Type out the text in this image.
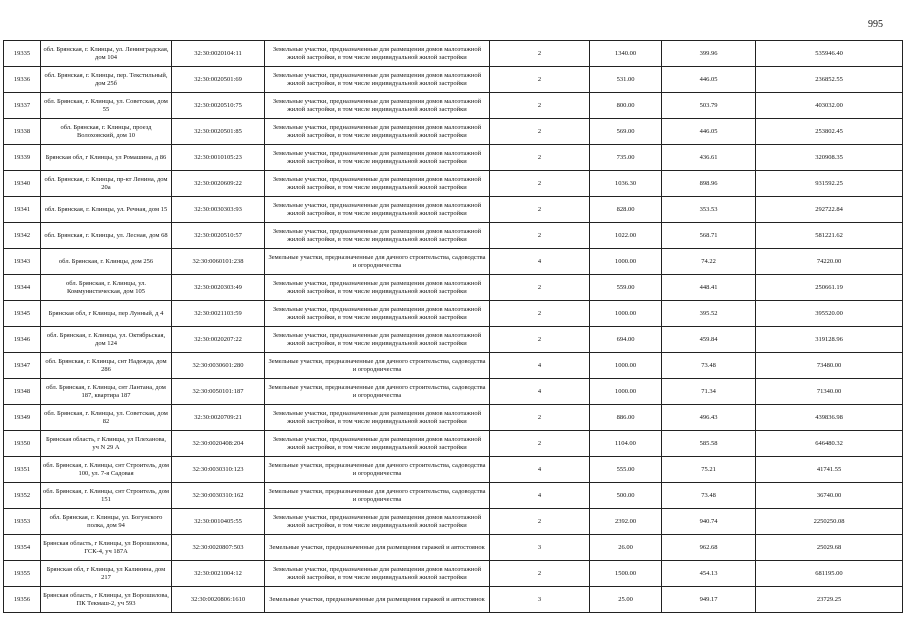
995
19335	обл. Брянская, г. Клинцы, ул. Ленинградская, дом 104	32:30:0020104:11	Земельные участки, предназначенные для размещения домов малоэтажной жилой застройки, в том числе индивидуальной жилой застройки	2	1340.00	399.96	535946.40
19336	обл. Брянская, г. Клинцы, пер. Текстильный, дом 25б	32:30:0020501:69	Земельные участки, предназначенные для размещения домов малоэтажной жилой застройки, в том числе индивидуальной жилой застройки	2	531.00	446.05	236852.55
19337	обл. Брянская, г. Клинцы, ул. Советская, дом 55	32:30:0020510:75	Земельные участки, предназначенные для размещения домов малоэтажной жилой застройки, в том числе индивидуальной жилой застройки	2	800.00	503.79	403032.00
19338	обл. Брянская, г. Клинцы, проезд Волоховский, дом 10	32:30:0020501:85	Земельные участки, предназначенные для размещения домов малоэтажной жилой застройки, в том числе индивидуальной жилой застройки	2	569.00	446.05	253802.45
19339	Брянская обл, г Клинцы, ул Ромашина, д 86	32:30:0010105:23	Земельные участки, предназначенные для размещения домов малоэтажной жилой застройки, в том числе индивидуальной жилой застройки	2	735.00	436.61	320908.35
19340	обл. Брянская, г. Клинцы, пр-кт Ленина, дом 20а	32:30:0020609:22	Земельные участки, предназначенные для размещения домов малоэтажной жилой застройки, в том числе индивидуальной жилой застройки	2	1036.30	898.96	931592.25
19341	обл. Брянская, г. Клинцы, ул. Речная, дом 15	32:30:0030303:93	Земельные участки, предназначенные для размещения домов малоэтажной жилой застройки, в том числе индивидуальной жилой застройки	2	828.00	353.53	292722.84
19342	обл. Брянская, г. Клинцы, ул. Лесная, дом 68	32:30:0020510:57	Земельные участки, предназначенные для размещения домов малоэтажной жилой застройки, в том числе индивидуальной жилой застройки	2	1022.00	568.71	581221.62
19343	обл. Брянская, г. Клинцы, дом 256	32:30:0060101:238	Земельные участки, предназначенные для дачного строительства, садоводства и огородничества	4	1000.00	74.22	74220.00
19344	обл. Брянская, г. Клинцы, ул. Коммунистическая, дом 105	32:30:0020303:49	Земельные участки, предназначенные для размещения домов малоэтажной жилой застройки, в том числе индивидуальной жилой застройки	2	559.00	448.41	250661.19
19345	Брянская обл, г Клинцы, пер Лунный, д 4	32:30:0021103:59	Земельные участки, предназначенные для размещения домов малоэтажной жилой застройки, в том числе индивидуальной жилой застройки	2	1000.00	395.52	395520.00
19346	обл. Брянская, г. Клинцы, ул. Октябрьская, дом 124	32:30:0020207:22	Земельные участки, предназначенные для размещения домов малоэтажной жилой застройки, в том числе индивидуальной жилой застройки	2	694.00	459.84	319128.96
19347	обл. Брянская, г. Клинцы, снт Надежда, дом 286	32:30:0030601:280	Земельные участки, предназначенные для дачного строительства, садоводства и огородничества	4	1000.00	73.48	73480.00
19348	обл. Брянская, г. Клинцы, снт Лантана, дом 187, квартира 187	32:30:0050101:187	Земельные участки, предназначенные для дачного строительства, садоводства и огородничества	4	1000.00	71.34	71340.00
19349	обл. Брянская, г. Клинцы, ул. Советская, дом 82	32:30:0020709:21	Земельные участки, предназначенные для размещения домов малоэтажной жилой застройки, в том числе индивидуальной жилой застройки	2	886.00	496.43	439836.98
19350	Брянская область, г Клинцы, ул Плеханова, уч N 29 А	32:30:0020408:204	Земельные участки, предназначенные для размещения домов малоэтажной жилой застройки, в том числе индивидуальной жилой застройки	2	1104.00	585.58	646480.32
19351	обл. Брянская, г. Клинцы, снт Строитель, дом 100, ул. 7-я Садовая	32:30:0030310:123	Земельные участки, предназначенные для дачного строительства, садоводства и огородничества	4	555.00	75.21	41741.55
19352	обл. Брянская, г. Клинцы, снт Строитель, дом 151	32:30:0030310:162	Земельные участки, предназначенные для дачного строительства, садоводства и огородничества	4	500.00	73.48	36740.00
19353	обл. Брянская, г. Клинцы, ул. Богунского полка, дом 94	32:30:0010405:55	Земельные участки, предназначенные для размещения домов малоэтажной жилой застройки, в том числе индивидуальной жилой застройки	2	2392.00	940.74	2250250.08
19354	Брянская область, г Клинцы, ул Ворошилова, ГСК-4, уч 187А	32:30:0020807:503	Земельные участки, предназначенные для размещения гаражей и автостоянок	3	26.00	962.68	25029.68
19355	Брянская обл, г Клинцы, ул Калинина, дом 217	32:30:0021004:12	Земельные участки, предназначенные для размещения домов малоэтажной жилой застройки, в том числе индивидуальной жилой застройки	2	1500.00	454.13	681195.00
19356	Брянская область, г Клинцы, ул Ворошилова, ПК Текмаш-2, уч 593	32:30:0020806:1610	Земельные участки, предназначенные для размещения гаражей и автостоянок	3	25.00	949.17	23729.25
